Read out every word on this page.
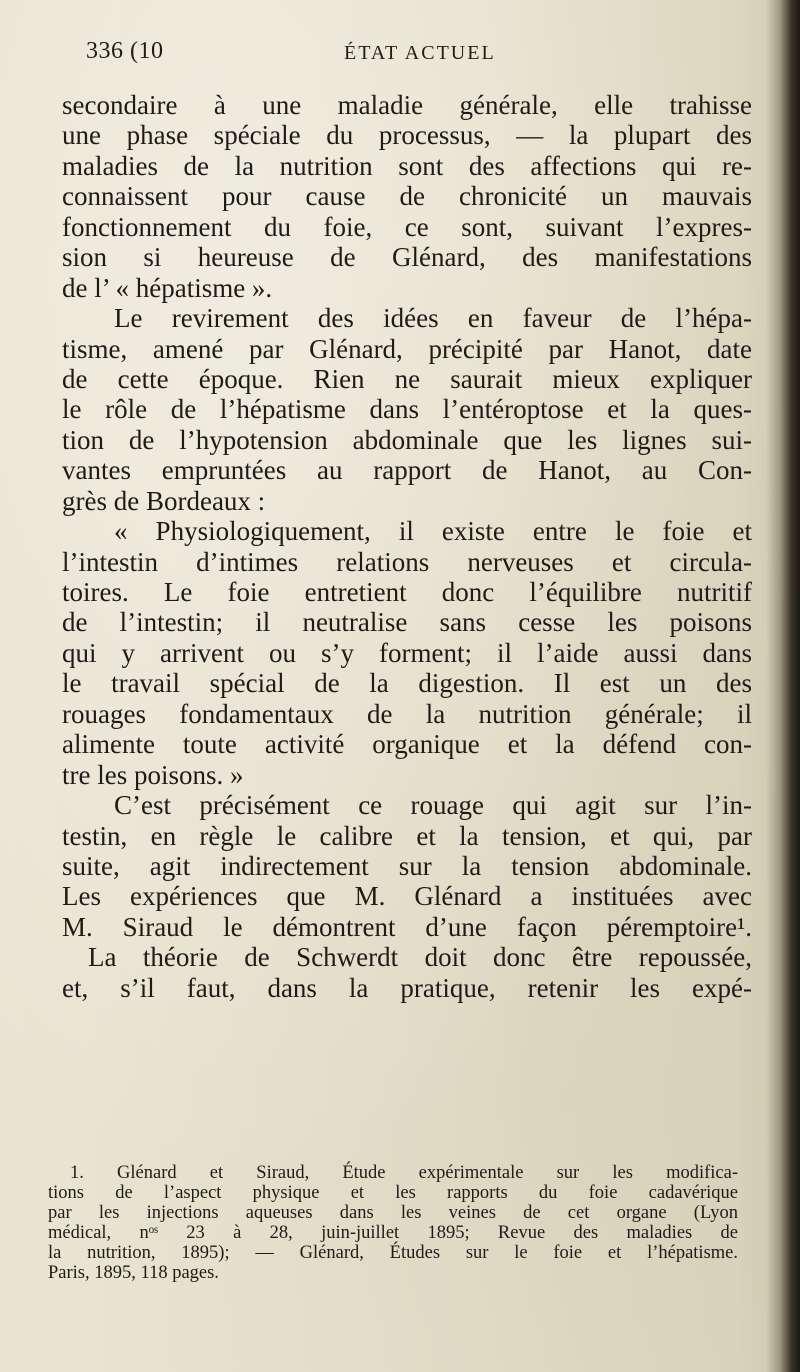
336 (10	ÉTAT ACTUEL
secondaire à une maladie générale, elle trahisse
une phase spéciale du processus, — la plupart des
maladies de la nutrition sont des affections qui re-
connaissent pour cause de chronicité un mauvais
fonctionnement du foie, ce sont, suivant l’expres-
sion si heureuse de Glénard, des manifestations
de l’ « hépatisme ».
Le revirement des idées en faveur de l’hépa-
tisme, amené par Glénard, précipité par Hanot, date
de cette époque. Rien ne saurait mieux expliquer
le rôle de l’hépatisme dans l’entéroptose et la ques-
tion de l’hypotension abdominale que les lignes sui-
vantes empruntées au rapport de Hanot, au Con-
grès de Bordeaux :
« Physiologiquement, il existe entre le foie et
l’intestin d’intimes relations nerveuses et circula-
toires. Le foie entretient donc l’équilibre nutritif
de l’intestin; il neutralise sans cesse les poisons
qui y arrivent ou s’y forment; il l’aide aussi dans
le travail spécial de la digestion. Il est un des
rouages fondamentaux de la nutrition générale; il
alimente toute activité organique et la défend con-
tre les poisons. »
C’est précisément ce rouage qui agit sur l’in-
testin, en règle le calibre et la tension, et qui, par
suite, agit indirectement sur la tension abdominale.
Les expériences que M. Glénard a instituées avec
M. Siraud le démontrent d’une façon péremptoire¹.
La théorie de Schwerdt doit donc être repoussée,
et, s’il faut, dans la pratique, retenir les expé-
1. Glénard et Siraud, Étude expérimentale sur les modifica-
tions de l’aspect physique et les rapports du foie cadavérique
par les injections aqueuses dans les veines de cet organe (Lyon
médical, nᵒˢ 23 à 28, juin-juillet 1895; Revue des maladies de
la nutrition, 1895); — Glénard, Études sur le foie et l’hépatisme.
Paris, 1895, 118 pages.
